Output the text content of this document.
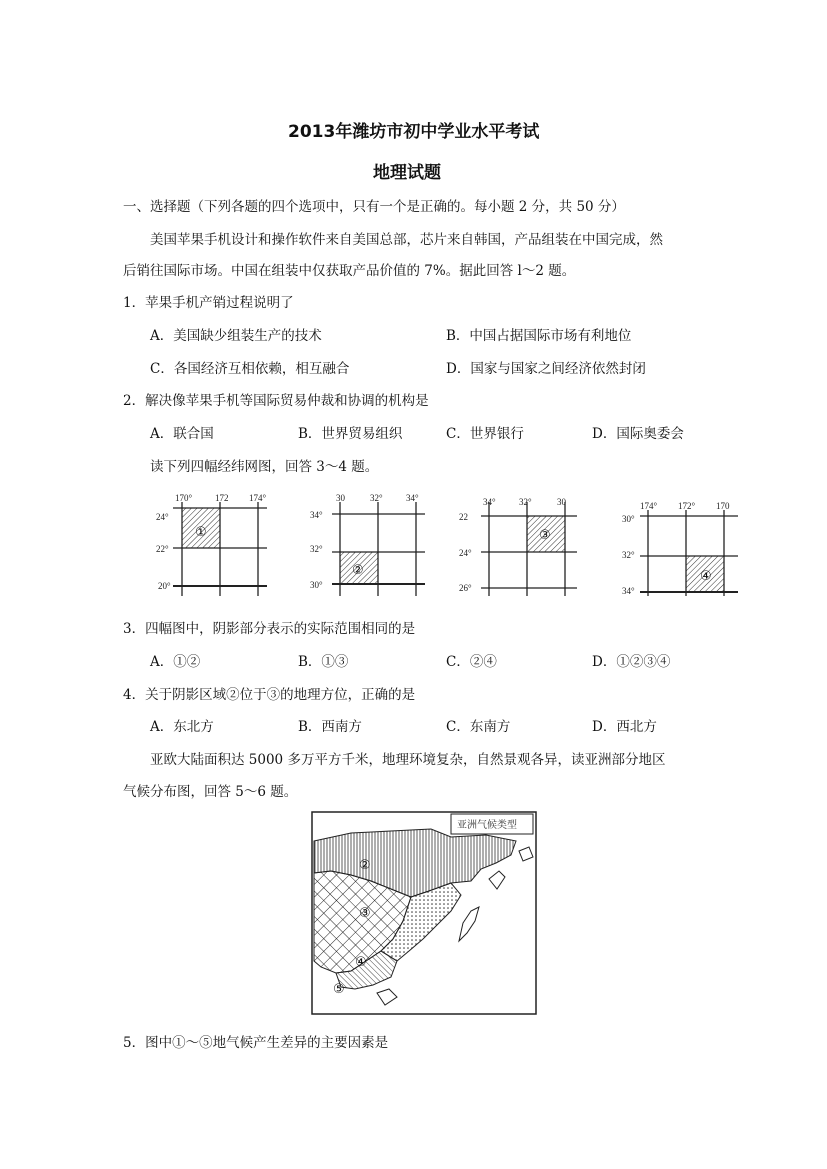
2013年潍坊市初中学业水平考试
地理试题
一、选择题（下列各题的四个选项中，只有一个是正确的。每小题 2 分，共 50 分）
美国苹果手机设计和操作软件来自美国总部，芯片来自韩国，产品组装在中国完成，然
后销往国际市场。中国在组装中仅获取产品价值的 7%。据此回答 l～2 题。
1．苹果手机产销过程说明了
A．美国缺少组装生产的技术	B．中国占据国际市场有利地位
C．各国经济互相依赖，相互融合	D．国家与国家之间经济依然封闭
2．解决像苹果手机等国际贸易仲裁和协调的机构是
A．联合国	B．世界贸易组织	C．世界银行	D．国际奥委会
读下列四幅经纬网图，回答 3～4 题。
170°	172 174°
24°
22°
20°
①
30	32°	34°
34°
32°
30°
②
34°	32°	30
22
24°
26°
③
174° 172° 170
30°
32°
34°
④
3．四幅图中，阴影部分表示的实际范围相同的是
A．①②	B．①③	C．②④	D．①②③④
4．关于阴影区域②位于③的地理方位，正确的是
A．东北方	B．西南方	C．东南方	D．西北方
亚欧大陆面积达 5000 多万平方千米，地理环境复杂，自然景观各异，读亚洲部分地区
气候分布图，回答 5～6 题。
亚洲气候类型
②
③
④
⑤
5．图中①～⑤地气候产生差异的主要因素是
